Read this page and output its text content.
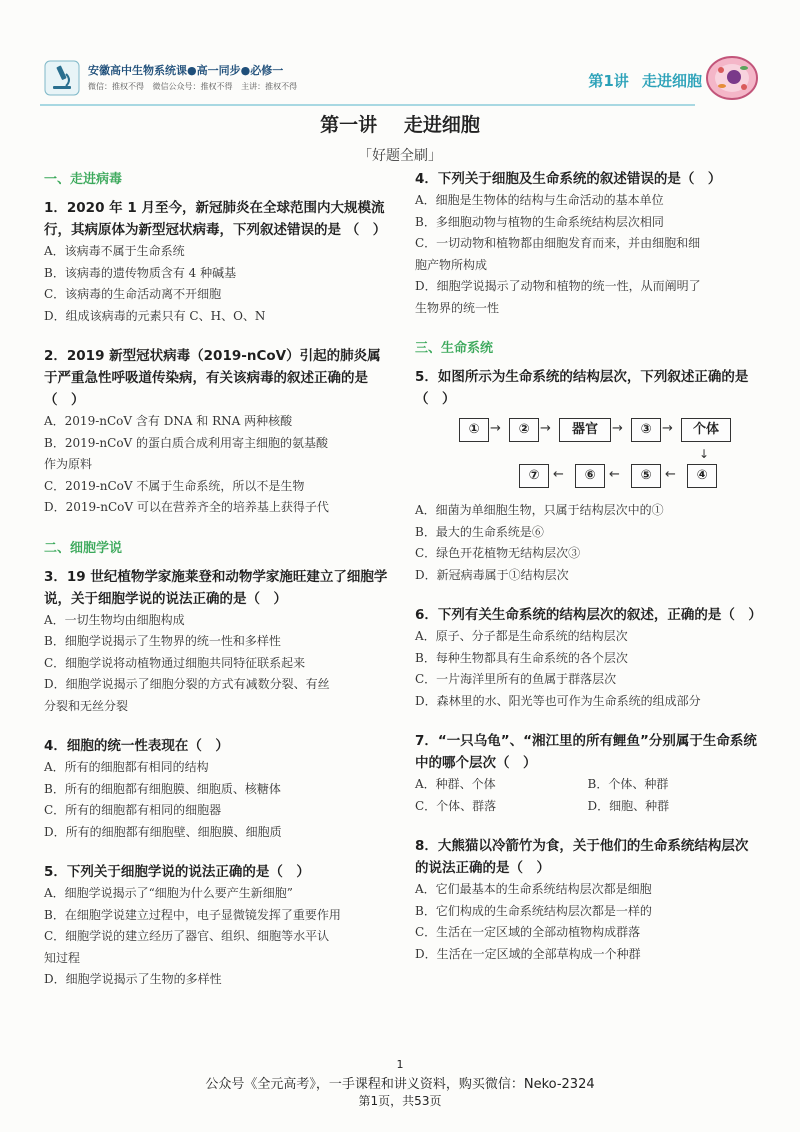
安徽高中生物系统课●高一同步●必修一
微信：推权不得 微信公众号：推权不得 主讲：推权不得	第1讲 走进细胞
第一讲 走进细胞
「好题全刷」
一、走进病毒
1．2020 年 1 月至今，新冠肺炎在全球范围内大规模流行，其病原体为新型冠状病毒，下列叙述错误的是 （　）
A．该病毒不属于生命系统
B．该病毒的遗传物质含有 4 种碱基
C．该病毒的生命活动离不开细胞
D．组成该病毒的元素只有 C、H、O、N
2．2019 新型冠状病毒（2019-nCoV）引起的肺炎属于严重急性呼吸道传染病，有关该病毒的叙述正确的是（　）
A．2019-nCoV 含有 DNA 和 RNA 两种核酸
B．2019-nCoV 的蛋白质合成利用寄主细胞的氨基酸
作为原料
C．2019-nCoV 不属于生命系统，所以不是生物
D．2019-nCoV 可以在营养齐全的培养基上获得子代
二、细胞学说
3．19 世纪植物学家施莱登和动物学家施旺建立了细胞学说，关于细胞学说的说法正确的是（　）
A．一切生物均由细胞构成
B．细胞学说揭示了生物界的统一性和多样性
C．细胞学说将动植物通过细胞共同特征联系起来
D．细胞学说揭示了细胞分裂的方式有减数分裂、有丝
分裂和无丝分裂
4．细胞的统一性表现在（　）
A．所有的细胞都有相同的结构
B．所有的细胞都有细胞膜、细胞质、核糖体
C．所有的细胞都有相同的细胞器
D．所有的细胞都有细胞壁、细胞膜、细胞质
5．下列关于细胞学说的说法正确的是（　）
A．细胞学说揭示了“细胞为什么要产生新细胞”
B．在细胞学说建立过程中，电子显微镜发挥了重要作用
C．细胞学说的建立经历了器官、组织、细胞等水平认
知过程
D．细胞学说揭示了生物的多样性
4．下列关于细胞及生命系统的叙述错误的是（　）
A．细胞是生物体的结构与生命活动的基本单位
B．多细胞动物与植物的生命系统结构层次相同
C．一切动物和植物都由细胞发育而来，并由细胞和细
胞产物所构成
D．细胞学说揭示了动物和植物的统一性，从而阐明了
生物界的统一性
三、生命系统
5．如图所示为生命系统的结构层次，下列叙述正确的是（　）
① →	② →	器官	→	③ →	个体
↓
④
←
⑤
←
⑥
←
⑦
A．细菌为单细胞生物，只属于结构层次中的①
B．最大的生命系统是⑥
C．绿色开花植物无结构层次③
D．新冠病毒属于①结构层次
6．下列有关生命系统的结构层次的叙述，正确的是（　）
A．原子、分子都是生命系统的结构层次
B．每种生物都具有生命系统的各个层次
C．一片海洋里所有的鱼属于群落层次
D．森林里的水、阳光等也可作为生命系统的组成部分
7．“一只乌龟”、“湘江里的所有鲤鱼”分别属于生命系统中的哪个层次（　）
A．种群、个体	B．个体、种群
C．个体、群落	D．细胞、种群
8．大熊猫以冷箭竹为食，关于他们的生命系统结构层次的说法正确的是（　）
A．它们最基本的生命系统结构层次都是细胞
B．它们构成的生命系统结构层次都是一样的
C．生活在一定区域的全部动植物构成群落
D．生活在一定区域的全部草构成一个种群
1
公众号《全元高考》，一手课程和讲义资料，购买微信：Neko-2324
第1页，共53页
